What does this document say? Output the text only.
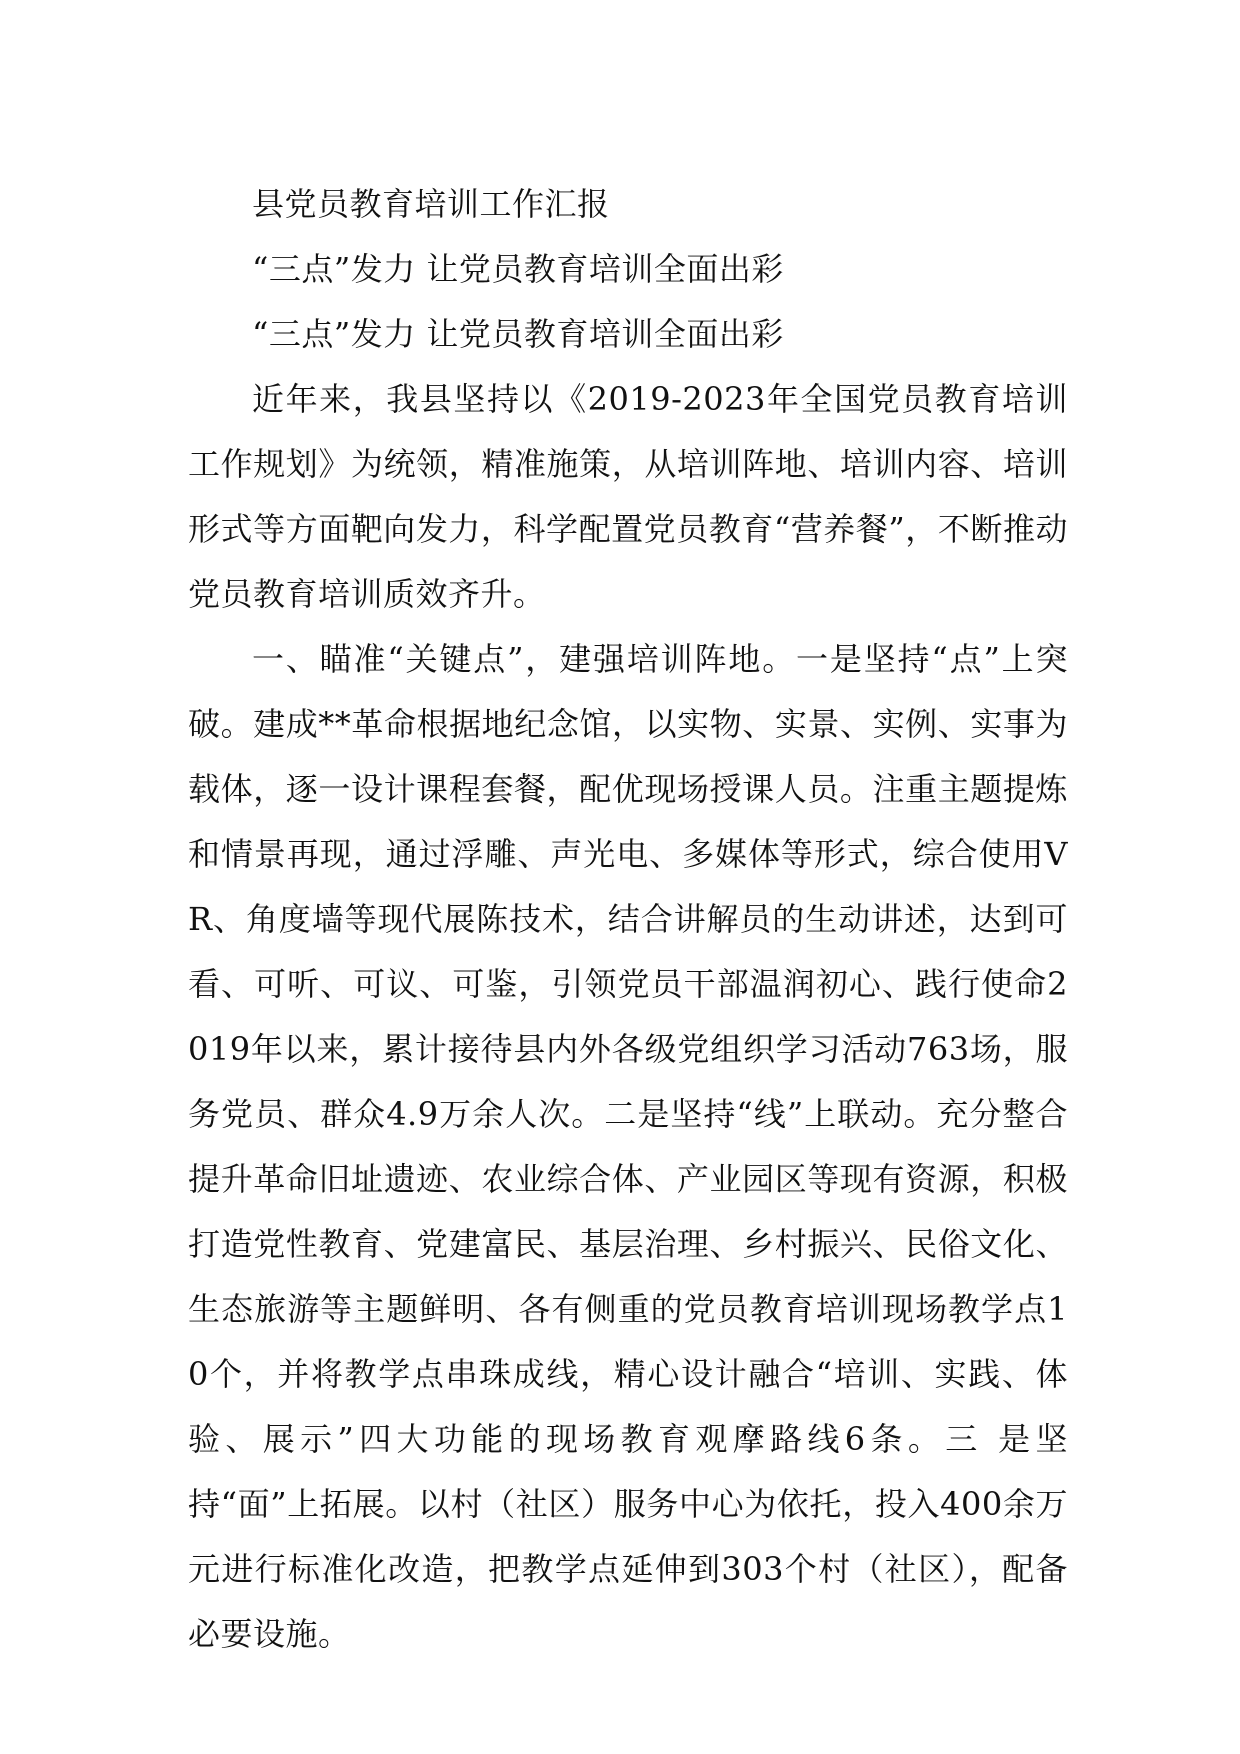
县党员教育培训工作汇报
“三点”发力 让党员教育培训全面出彩
“三点”发力 让党员教育培训全面出彩

近年来，我县坚持以《2019-2023年全国党员教育培训工作规划》为统领，精准施策，从培训阵地、培训内容、培训形式等方面靶向发力，科学配置党员教育“营养餐”，不断推动党员教育培训质效齐升。

一、瞄准“关键点”，建强培训阵地。一是坚持“点”上突破。建成**革命根据地纪念馆，以实物、实景、实例、实事为载体，逐一设计课程套餐，配优现场授课人员。注重主题提炼和情景再现，通过浮雕、声光电、多媒体等形式，综合使用VR、角度墙等现代展陈技术，结合讲解员的生动讲述，达到可看、可听、可议、可鉴，引领党员干部温润初心、践行使命2019年以来，累计接待县内外各级党组织学习活动763场，服务党员、群众4.9万余人次。二是坚持“线”上联动。充分整合提升革命旧址遗迹、农业综合体、产业园区等现有资源，积极打造党性教育、党建富民、基层治理、乡村振兴、民俗文化、生态旅游等主题鲜明、各有侧重的党员教育培训现场教学点10个，并将教学点串珠成线，精心设计融合“培训、实践、体验、展示”四大功能的现场教育观摩路线6条。三 是坚持“面”上拓展。以村（社区）服务中心为依托，投入400余万元进行标准化改造，把教学点延伸到303个村（社区），配备必要设施。
